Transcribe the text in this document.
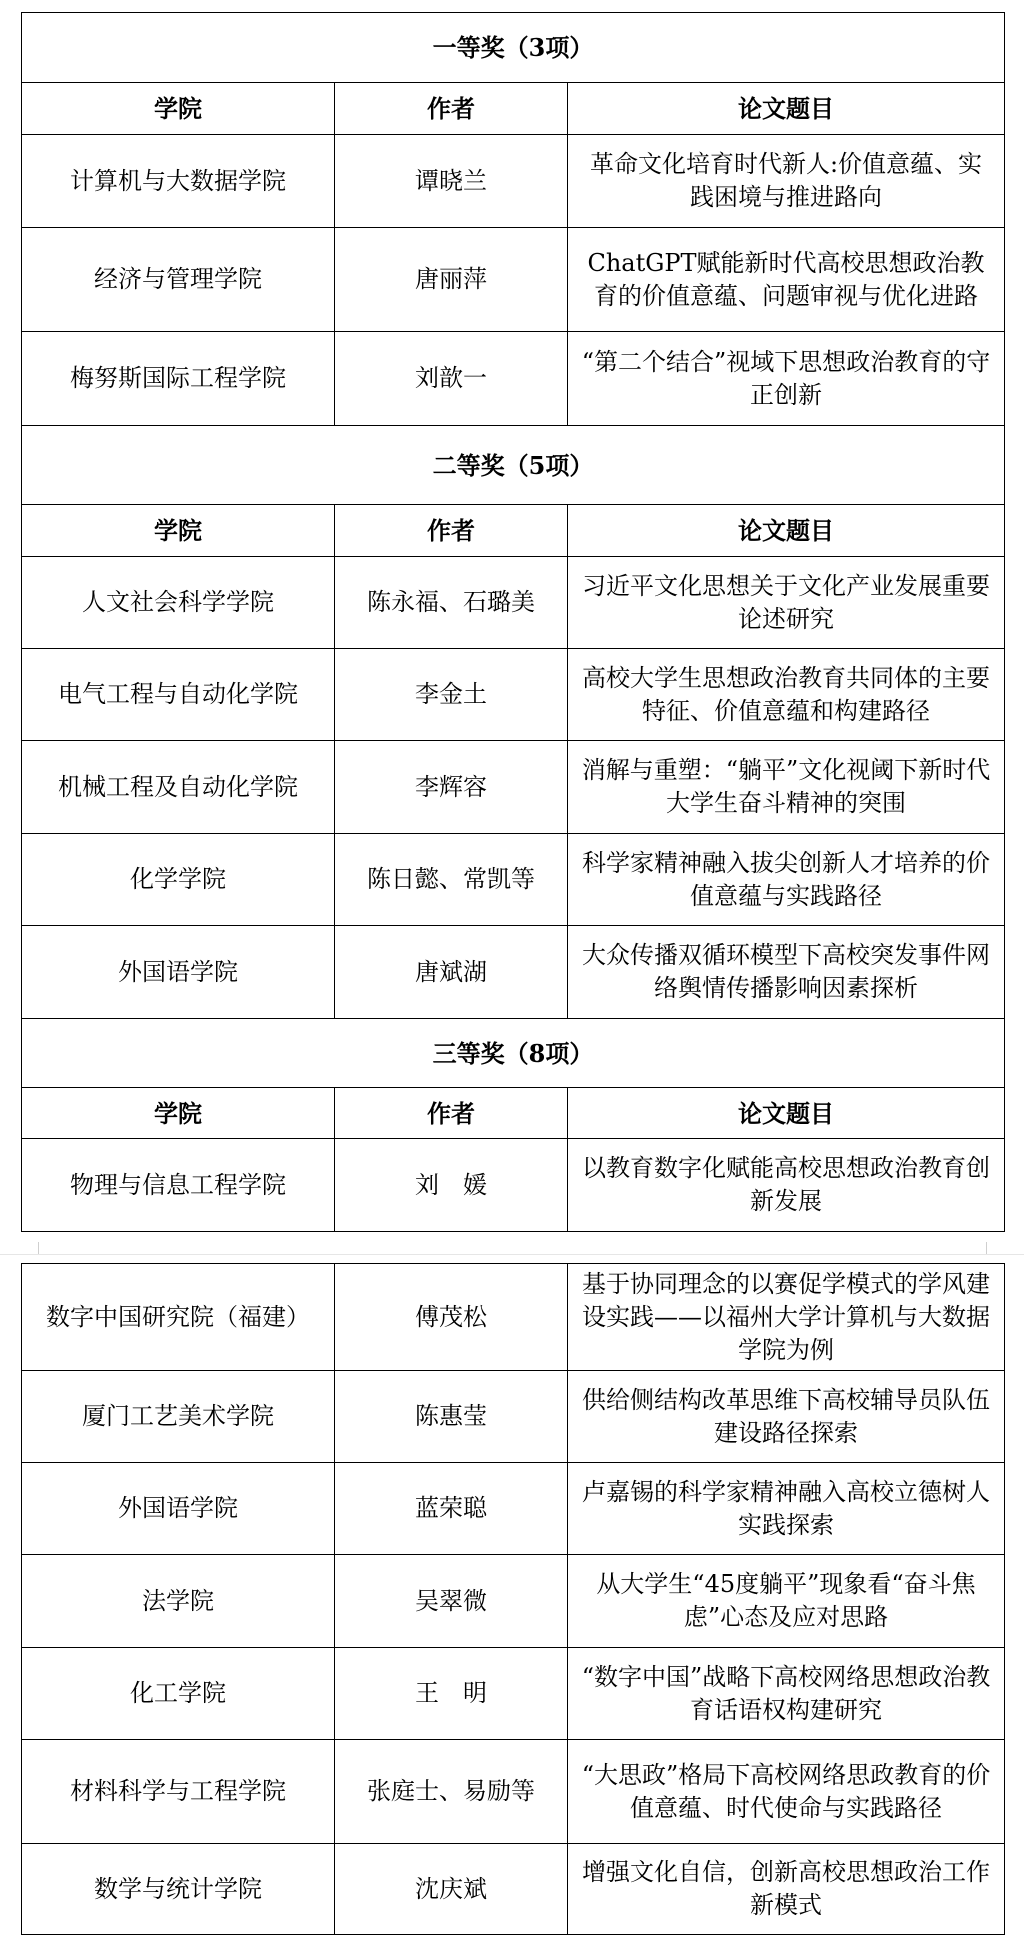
一等奖（3项）		
学院	作者	论文题目
计算机与大数据学院	谭晓兰	革命文化培育时代新人:价值意蕴、实践困境与推进路向
经济与管理学院	唐丽萍	ChatGPT赋能新时代高校思想政治教育的价值意蕴、问题审视与优化进路
梅努斯国际工程学院	刘歆一	“第二个结合”视域下思想政治教育的守正创新
二等奖（5项）		
学院	作者	论文题目
人文社会科学学院	陈永福、石璐美	习近平文化思想关于文化产业发展重要论述研究
电气工程与自动化学院	李金土	高校大学生思想政治教育共同体的主要特征、价值意蕴和构建路径
机械工程及自动化学院	李辉容	消解与重塑：“躺平”文化视阈下新时代大学生奋斗精神的突围
化学学院	陈日懿、常凯等	科学家精神融入拔尖创新人才培养的价值意蕴与实践路径
外国语学院	唐斌湖	大众传播双循环模型下高校突发事件网络舆情传播影响因素探析
三等奖（8项）		
学院	作者	论文题目
物理与信息工程学院	刘　媛	以教育数字化赋能高校思想政治教育创新发展
数字中国研究院（福建）	傅茂松	基于协同理念的以赛促学模式的学风建设实践——以福州大学计算机与大数据学院为例
厦门工艺美术学院	陈惠莹	供给侧结构改革思维下高校辅导员队伍建设路径探索
外国语学院	蓝荣聪	卢嘉锡的科学家精神融入高校立德树人实践探索
法学院	吴翠微	从大学生“45度躺平”现象看“奋斗焦虑”心态及应对思路
化工学院	王　明	“数字中国”战略下高校网络思想政治教育话语权构建研究
材料科学与工程学院	张庭士、易励等	“大思政”格局下高校网络思政教育的价值意蕴、时代使命与实践路径
数学与统计学院	沈庆斌	增强文化自信，创新高校思想政治工作新模式
